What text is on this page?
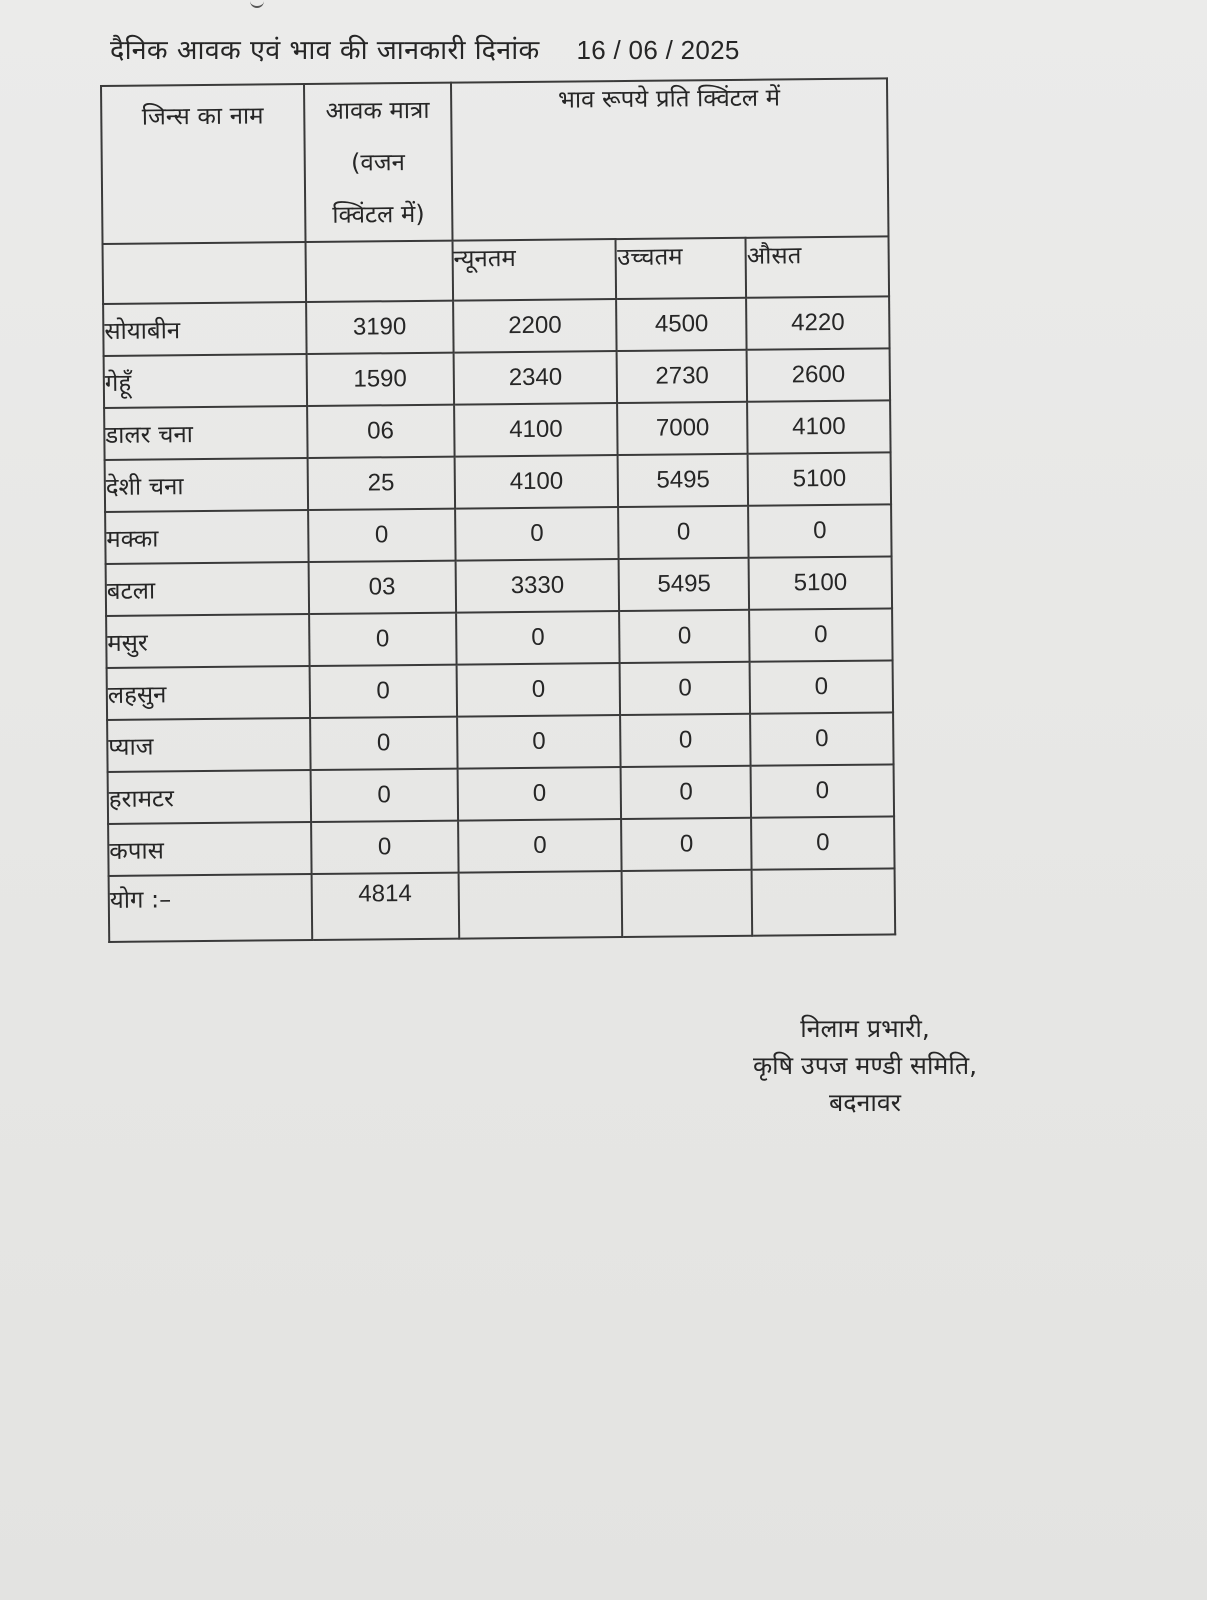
दैनिक आवक एवं भाव की जानकारी दिनांक 16 / 06 / 2025
जिन्स का नाम	आवक मात्रा (वजन क्विंटल में)	भाव रूपये प्रति क्विंटल में		
		न्यूनतम	उच्चतम	औसत
सोयाबीन	3190	2200	4500	4220
गेहूँ	1590	2340	2730	2600
डालर चना	06	4100	7000	4100
देशी चना	25	4100	5495	5100
मक्का	0	0	0	0
बटला	03	3330	5495	5100
मसुर	0	0	0	0
लहसुन	0	0	0	0
प्याज	0	0	0	0
हरामटर	0	0	0	0
कपास	0	0	0	0
योग :–	4814			
निलाम प्रभारी,
कृषि उपज मण्डी समिति,
बदनावर
